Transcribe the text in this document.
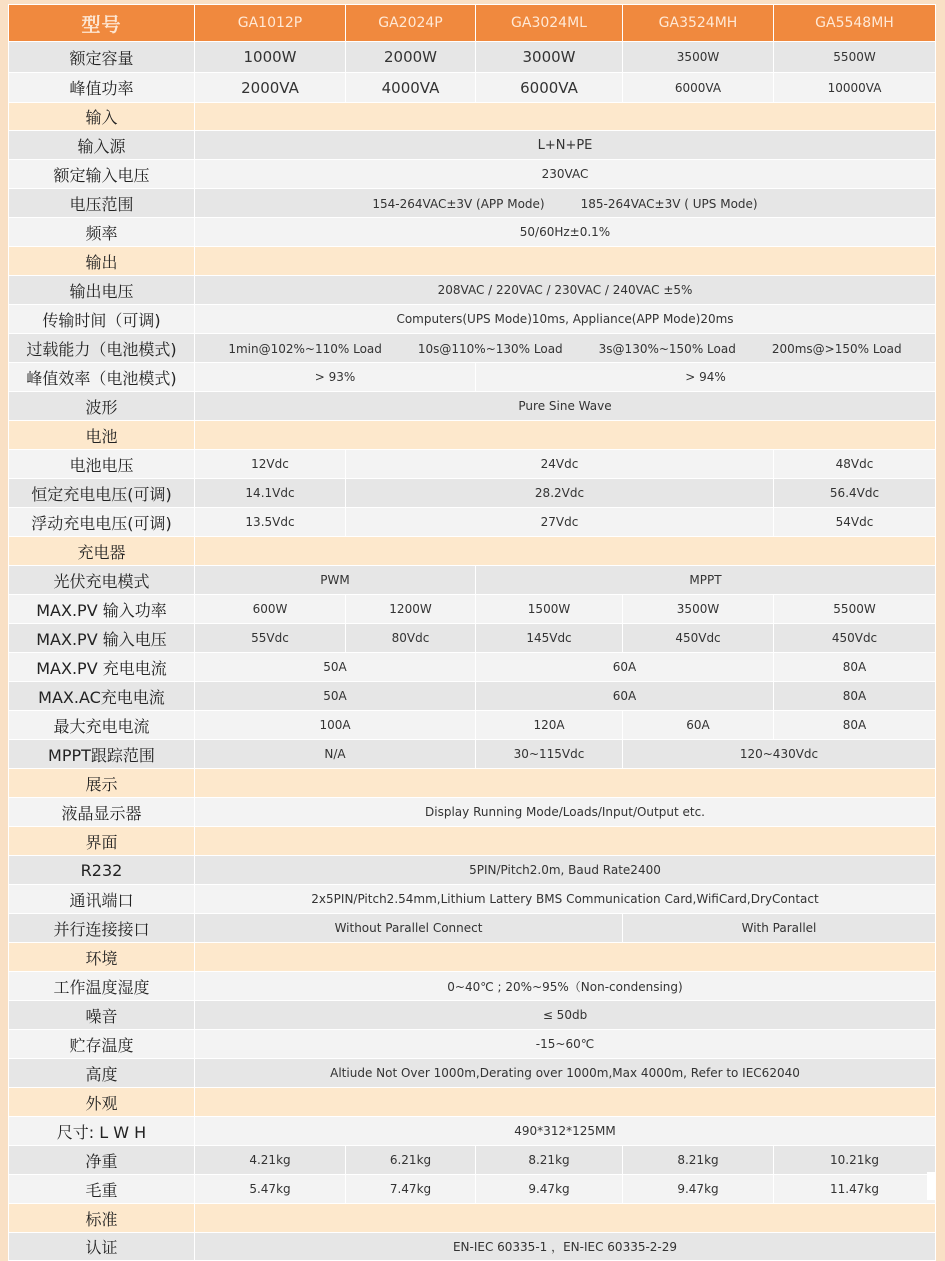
型号	GA1012P	GA2024P	GA3024ML	GA3524MH	GA5548MH
额定容量	1000W	2000W	3000W	3500W	5500W
峰值功率	2000VA	4000VA	6000VA	6000VA	10000VA
输入					
输入源	L+N+PE				
额定输入电压	230VAC				
电压范围	154-264VAC±3V (APP Mode)　　　185-264VAC±3V ( UPS Mode)				
频率	50/60Hz±0.1%				
输出					
输出电压	208VAC / 220VAC / 230VAC / 240VAC ±5%				
传输时间（可调)	Computers(UPS Mode)10ms, Appliance(APP Mode)20ms				
过载能力（电池模式)	1min@102%~110% Load　　　10s@110%~130% Load　　　3s@130%~150% Load　　　200ms@>150% Load				
峰值效率（电池模式)	> 93%		> 94%		
波形	Pure Sine Wave				
电池					
电池电压	12Vdc	24Vdc			48Vdc
恒定充电电压(可调)	14.1Vdc	28.2Vdc			56.4Vdc
浮动充电电压(可调)	13.5Vdc	27Vdc			54Vdc
充电器					
光伏充电模式	PWM		MPPT		
MAX.PV 输入功率	600W	1200W	1500W	3500W	5500W
MAX.PV 输入电压	55Vdc	80Vdc	145Vdc	450Vdc	450Vdc
MAX.PV 充电电流	50A		60A		80A
MAX.AC充电电流	50A		60A		80A
最大充电电流	100A		120A	60A	80A
MPPT跟踪范围	N/A		30~115Vdc	120~430Vdc	
展示					
液晶显示器	Display Running Mode/Loads/Input/Output etc.				
界面					
R232	5PIN/Pitch2.0m, Baud Rate2400				
通讯端口	2x5PIN/Pitch2.54mm,Lithium Lattery BMS Communication Card,WifiCard,DryContact				
并行连接接口	Without Parallel Connect			With Parallel	
环境					
工作温度湿度	0~40℃ ; 20%~95%（Non-condensing)				
噪音	≤ 50db				
贮存温度	-15~60℃				
高度	Altiude Not Over 1000m,Derating over 1000m,Max 4000m, Refer to IEC62040				
外观					
尺寸: L W H	490*312*125MM				
净重	4.21kg	6.21kg	8.21kg	8.21kg	10.21kg
毛重	5.47kg	7.47kg	9.47kg	9.47kg	11.47kg
标准					
认证	EN-IEC 60335-1 ，EN-IEC 60335-2-29				
